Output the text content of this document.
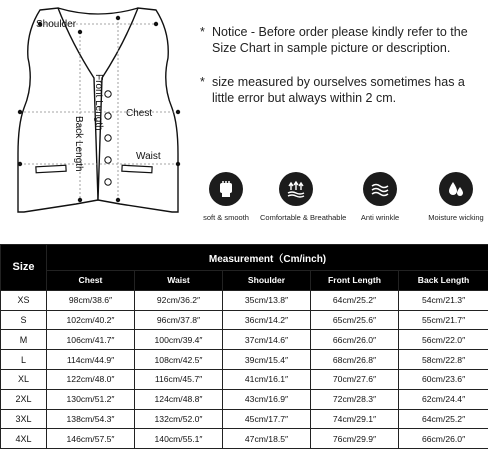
Shoulder
Front Length Chest
Back Length	Waist
* Notice - Before order please kindly refer to the Size Chart in sample picture or description.
* size measured by ourselves sometimes has a little error but always within 2 cm.
soft & smooth	Comfortable & Breathable	Anti wrinkle	Moisture wicking
Size	Measurement（Cm/inch)				
	Chest	Waist	Shoulder	Front Length	Back Length
XS	98cm/38.6″	92cm/36.2″	35cm/13.8″	64cm/25.2″	54cm/21.3″
S	102cm/40.2″	96cm/37.8″	36cm/14.2″	65cm/25.6″	55cm/21.7″
M	106cm/41.7″	100cm/39.4″	37cm/14.6″	66cm/26.0″	56cm/22.0″
L	114cm/44.9″	108cm/42.5″	39cm/15.4″	68cm/26.8″	58cm/22.8″
XL	122cm/48.0″	116cm/45.7″	41cm/16.1″	70cm/27.6″	60cm/23.6″
2XL	130cm/51.2″	124cm/48.8″	43cm/16.9″	72cm/28.3″	62cm/24.4″
3XL	138cm/54.3″	132cm/52.0″	45cm/17.7″	74cm/29.1″	64cm/25.2″
4XL	146cm/57.5″	140cm/55.1″	47cm/18.5″	76cm/29.9″	66cm/26.0″
